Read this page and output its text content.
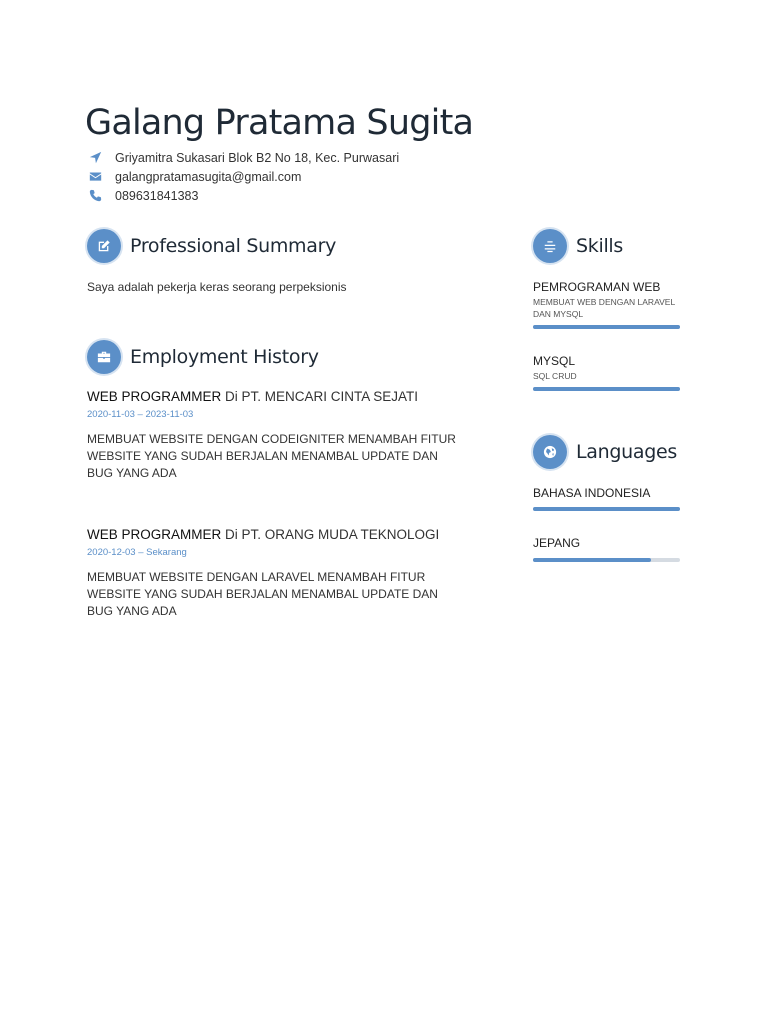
Galang Pratama Sugita
Griyamitra Sukasari Blok B2 No 18, Kec. Purwasari
galangpratamasugita@gmail.com
089631841383
Professional Summary
Saya adalah pekerja keras seorang perpeksionis
Employment History
WEB PROGRAMMER Di PT. MENCARI CINTA SEJATI
2020-11-03 – 2023-11-03
MEMBUAT WEBSITE DENGAN CODEIGNITER MENAMBAH FITUR WEBSITE YANG SUDAH BERJALAN MENAMBAL UPDATE DAN BUG YANG ADA
WEB PROGRAMMER Di PT. ORANG MUDA TEKNOLOGI
2020-12-03 – Sekarang
MEMBUAT WEBSITE DENGAN LARAVEL MENAMBAH FITUR WEBSITE YANG SUDAH BERJALAN MENAMBAL UPDATE DAN BUG YANG ADA
Skills
PEMROGRAMAN WEB
MEMBUAT WEB DENGAN LARAVEL DAN MYSQL
MYSQL
SQL CRUD
Languages
BAHASA INDONESIA
JEPANG
